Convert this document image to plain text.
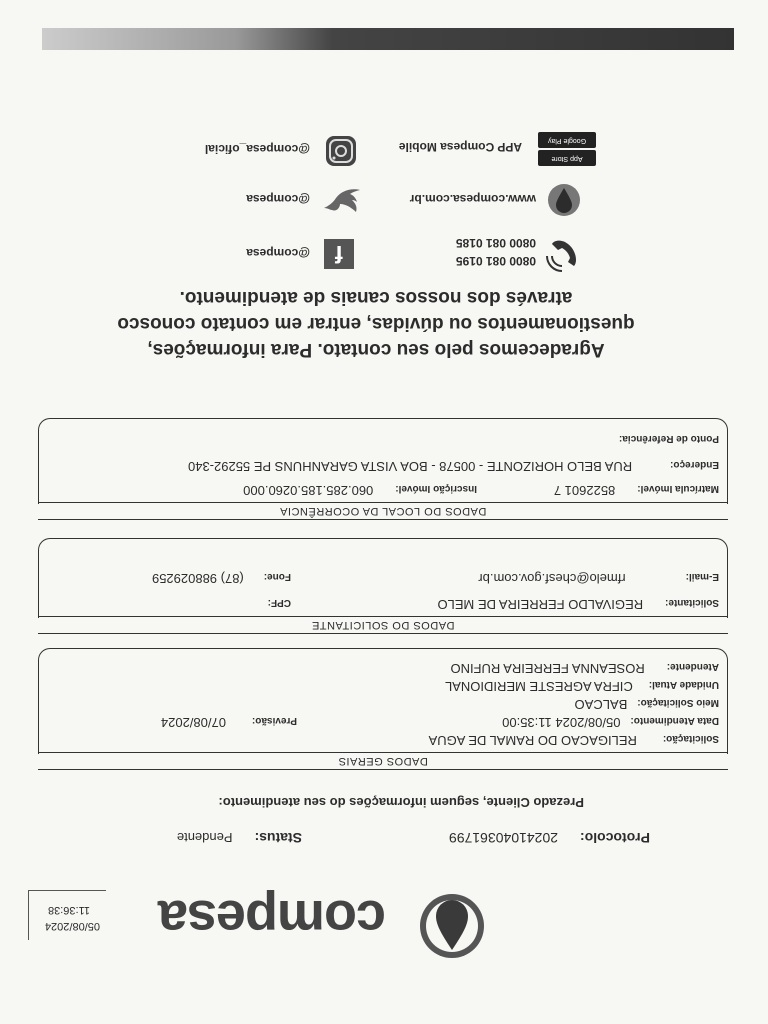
05/08/2024
11:36:38 compesa
Protocolo:20241040361799
Status:Pendente
Prezado Cliente, seguem informações do seu atendimento:
DADOS GERAIS
Solicitação:RELIGACAO DO RAMAL DE AGUA
Data Atendimento:05/08/2024 11:35:00
Previsão:07/08/2024
Meio Solicitação:BALCAO
Unidade Atual:CIFRA AGRESTE MERIDIONAL
Atendente:ROSEANNA FERREIRA RUFINO
DADOS DO SOLICITANTE
Solicitante:REGIVALDO FERREIRA DE MELO
CPF:
E-mail:rfmelo@chesf.gov.com.br
Fone:(87) 988029259
DADOS DO LOCAL DA OCORRÊNCIA
Matrícula Imóvel:8522601 7
Inscrição Imóvel:060.285.185.0260.000
Endereço:RUA BELO HORIZONTE - 00578 - BOA VISTA GARANHUNS PE 55292-340
Ponto de Referência:
Agradecemos pelo seu contato. Para informações, questionamentos ou dúvidas, entrar em contato conosco através dos nossos canais de atendimento.
0800 081 0195
0800 081 0185
f
@compesa
www.compesa.com.br
@compesa
App Store
Google Play
APP Compesa Mobile
@compesa_oficial
